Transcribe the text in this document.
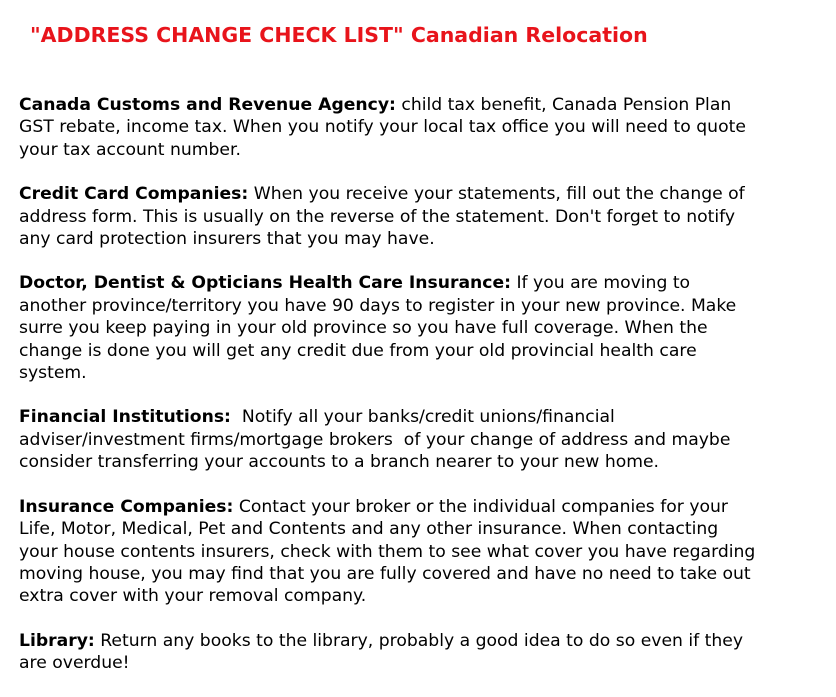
"ADDRESS CHANGE CHECK LIST" Canadian Relocation
Canada Customs and Revenue Agency: child tax benefit, Canada Pension Plan
GST rebate, income tax. When you notify your local tax office you will need to quote
your tax account number.
Credit Card Companies: When you receive your statements, fill out the change of
address form. This is usually on the reverse of the statement. Don't forget to notify
any card protection insurers that you may have.
Doctor, Dentist & Opticians Health Care Insurance: If you are moving to
another province/territory you have 90 days to register in your new province. Make
surre you keep paying in your old province so you have full coverage. When the
change is done you will get any credit due from your old provincial health care
system.
Financial Institutions:  Notify all your banks/credit unions/financial
adviser/investment firms/mortgage brokers  of your change of address and maybe
consider transferring your accounts to a branch nearer to your new home.
Insurance Companies: Contact your broker or the individual companies for your
Life, Motor, Medical, Pet and Contents and any other insurance. When contacting
your house contents insurers, check with them to see what cover you have regarding
moving house, you may find that you are fully covered and have no need to take out
extra cover with your removal company.
Library: Return any books to the library, probably a good idea to do so even if they
are overdue!
